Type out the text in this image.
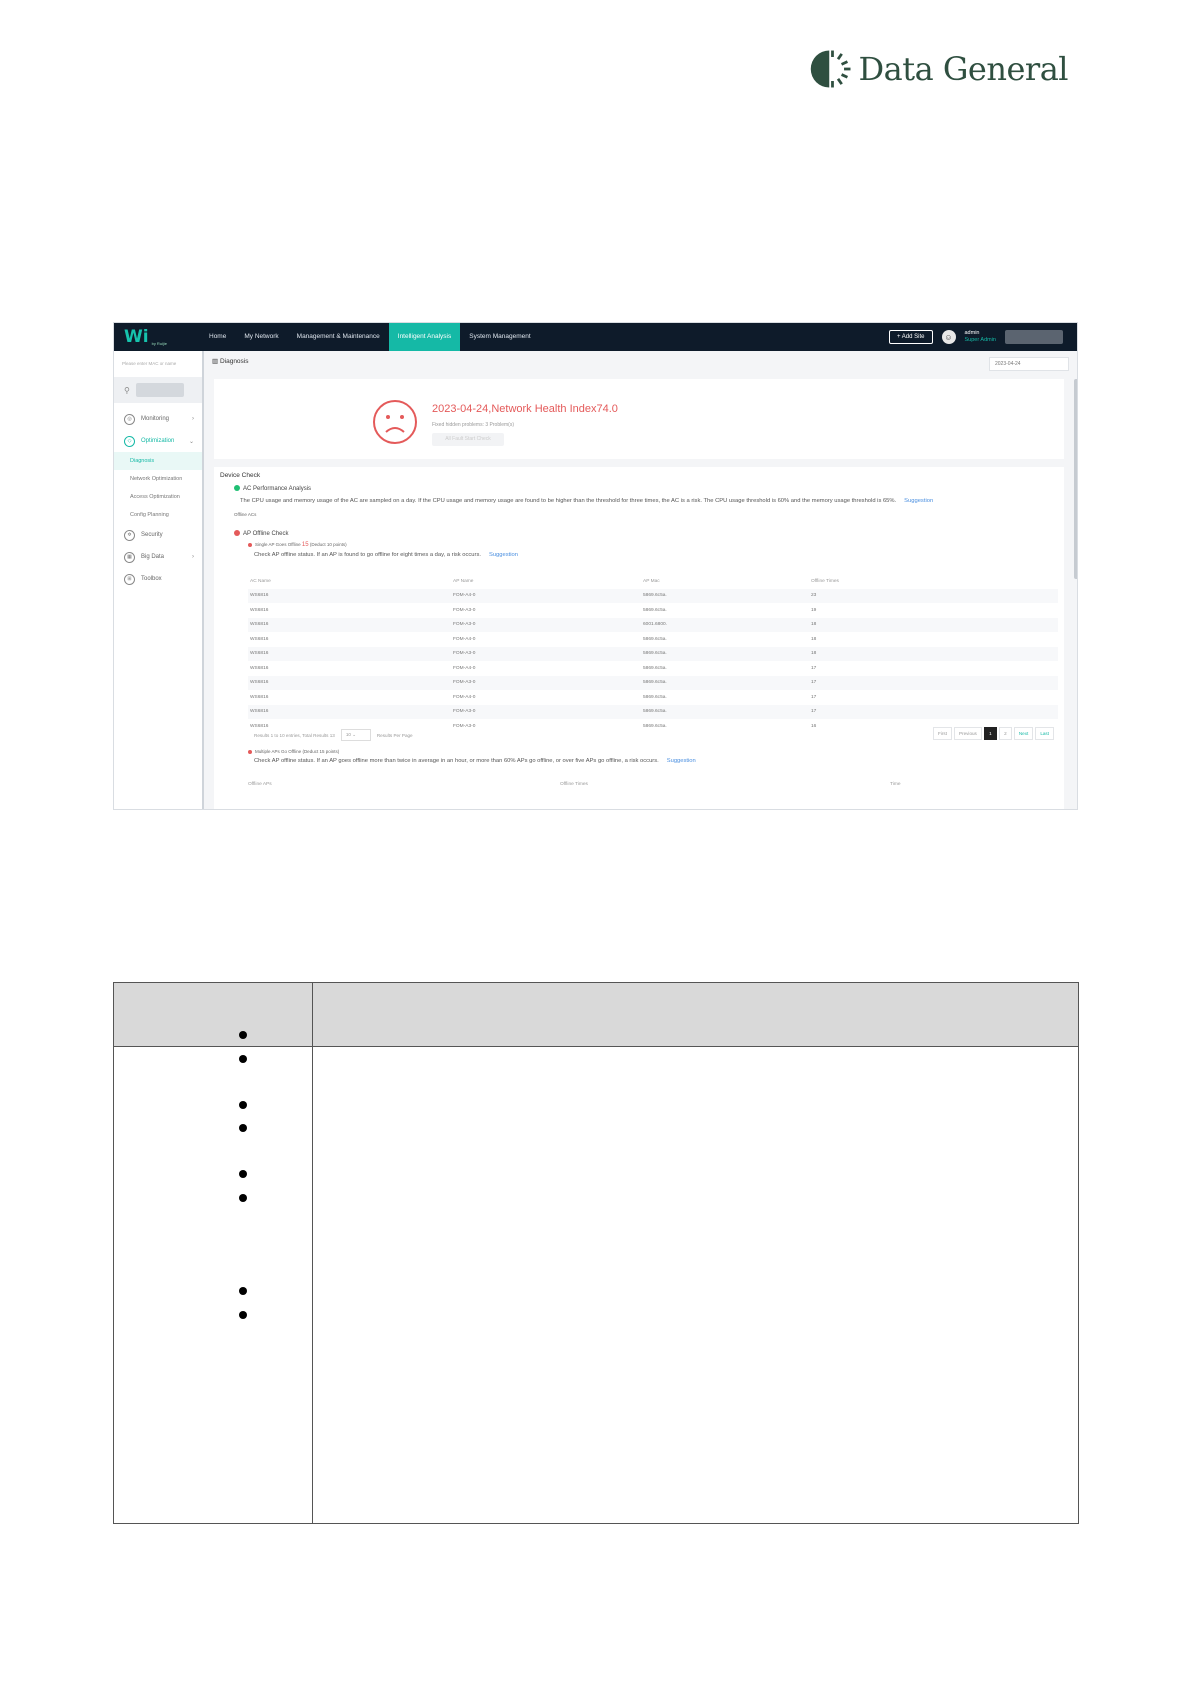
Data General
Wi by Ruijie
Home	My Network	Management & Maintenance	Intelligent Analysis	System Management	+ Add Site	☺	admin
Super Admin
Please enter MAC or name
⚲
◎	Monitoring	›
◇	Optimization ⌄
Diagnosis
Network Optimization
Access Optimization
Config Planning
✲	Security
▦	Big Data	›
⊞	Toolbox
▥ Diagnosis	2023-04-24
2023-04-24,Network Health Index74.0
Fixed hidden problems: 3 Problem(s)
All Fault Start Check
Device Check
AC Performance Analysis
The CPU usage and memory usage of the AC are sampled on a day. If the CPU usage and memory usage are found to be higher than the threshold for three times, the AC is a risk. The CPU usage threshold is 60% and the memory usage threshold is 65%. Suggestion
Offline ACs
AP Offline Check
Single AP Goes Offline 15 (Deduct 10 points)
Check AP offline status. If an AP is found to go offline for eight times a day, a risk occurs. Suggestion
AC Name	AP Name	AP Mac	Offline Times
WS6816	FOM-A4-0	5869.6c5a.	23
WS6816	FOM-A3-0	5869.6c5a.	19
WS6816	FOM-A3-0	6001.6800.	18
WS6816	FOM-A4-0	5869.6c5a.	18
WS6816	FOM-A3-0	5869.6c5a.	18
WS6816	FOM-A4-0	5869.6c5a.	17
WS6816	FOM-A3-0	5869.6c5a.	17
WS6816	FOM-A4-0	5869.6c5a.	17
WS6816	FOM-A3-0	5869.6c5a.	17
WS6816	FOM-A3-0	5869.6c5a.	16
Results 1 to 10 entries, Total Results 13	10 ⌄	Results Per Page	First	Previous	1	2	Next	Last
Multiple APs Go Offline (Deduct 15 points)
Check AP offline status. If an AP goes offline more than twice in average in an hour, or more than 60% APs go offline, or over five APs go offline, a risk occurs. Suggestion
Offline APs	Offline Times	Time
